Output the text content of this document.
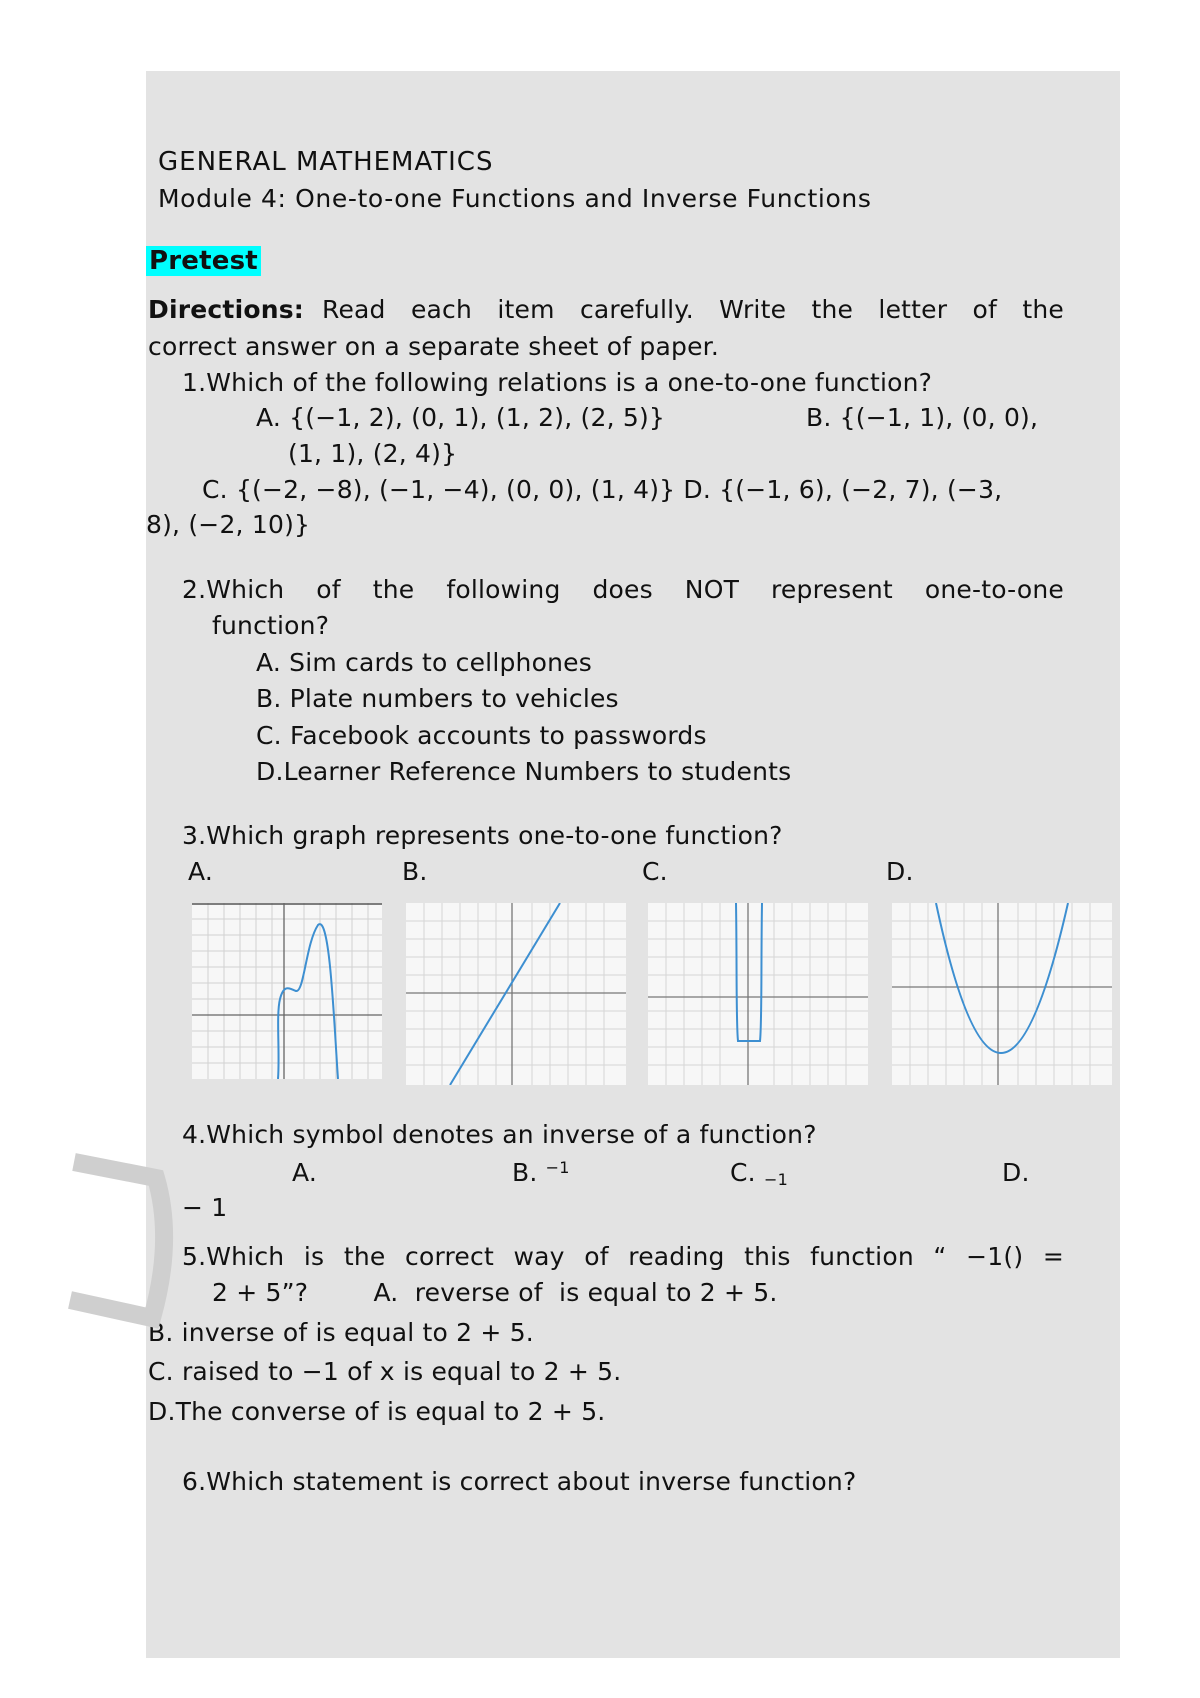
GENERAL MATHEMATICS
Module 4: One-to-one Functions and Inverse Functions
Pretest
Directions: Read each item carefully. Write the letter of the
correct answer on a separate sheet of paper.
1.Which of the following relations is a one-to-one function?
A. {(−1, 2), (0, 1), (1, 2), (2, 5)}	B. {(−1, 1), (0, 0),
(1, 1), (2, 4)}
C. {(−2, −8), (−1, −4), (0, 0), (1, 4)} D. {(−1, 6), (−2, 7), (−3,
8), (−2, 10)}
2.Which of the following does NOT represent one-to-one
function?
A. Sim cards to cellphones
B. Plate numbers to vehicles
C. Facebook accounts to passwords
D.Learner Reference Numbers to students
3.Which graph represents one-to-one function?
A.	B.	C.	D.
4.Which symbol denotes an inverse of a function?
A.	B. $^{-1}$	C. $_{-1}$	D.
− 1
5.Which is the correct way of reading this function “ −1() =
2 + 5”?        A.  reverse of  is equal to 2 + 5.
B. inverse of is equal to 2 + 5.
C. raised to −1 of x is equal to 2 + 5.
D.The converse of is equal to 2 + 5.
6.Which statement is correct about inverse function?
